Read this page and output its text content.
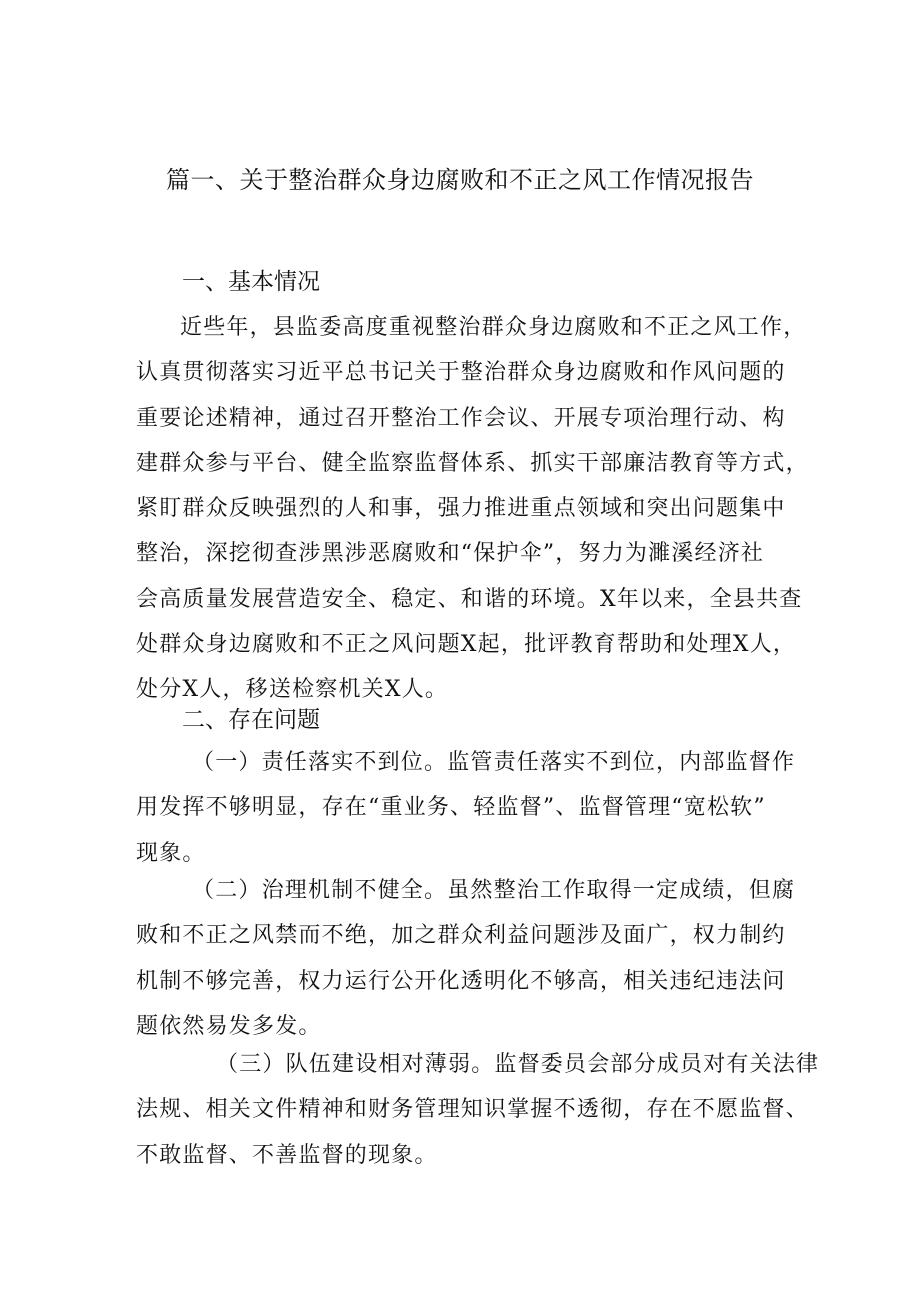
篇一、关于整治群众身边腐败和不正之风工作情况报告
一、基本情况
近些年，县监委高度重视整治群众身边腐败和不正之风工作，
认真贯彻落实习近平总书记关于整治群众身边腐败和作风问题的
重要论述精神，通过召开整治工作会议、开展专项治理行动、构
建群众参与平台、健全监察监督体系、抓实干部廉洁教育等方式，
紧盯群众反映强烈的人和事，强力推进重点领域和突出问题集中
整治，深挖彻查涉黑涉恶腐败和“保护伞”，努力为濉溪经济社
会高质量发展营造安全、稳定、和谐的环境。X年以来，全县共查
处群众身边腐败和不正之风问题X起，批评教育帮助和处理X人，
处分X人，移送检察机关X人。
二、存在问题
（一）责任落实不到位。监管责任落实不到位，内部监督作
用发挥不够明显，存在“重业务、轻监督”、监督管理“宽松软”
现象。
（二）治理机制不健全。虽然整治工作取得一定成绩，但腐
败和不正之风禁而不绝，加之群众利益问题涉及面广，权力制约
机制不够完善，权力运行公开化透明化不够高，相关违纪违法问
题依然易发多发。
（三）队伍建设相对薄弱。监督委员会部分成员对有关法律
法规、相关文件精神和财务管理知识掌握不透彻，存在不愿监督、
不敢监督、不善监督的现象。
